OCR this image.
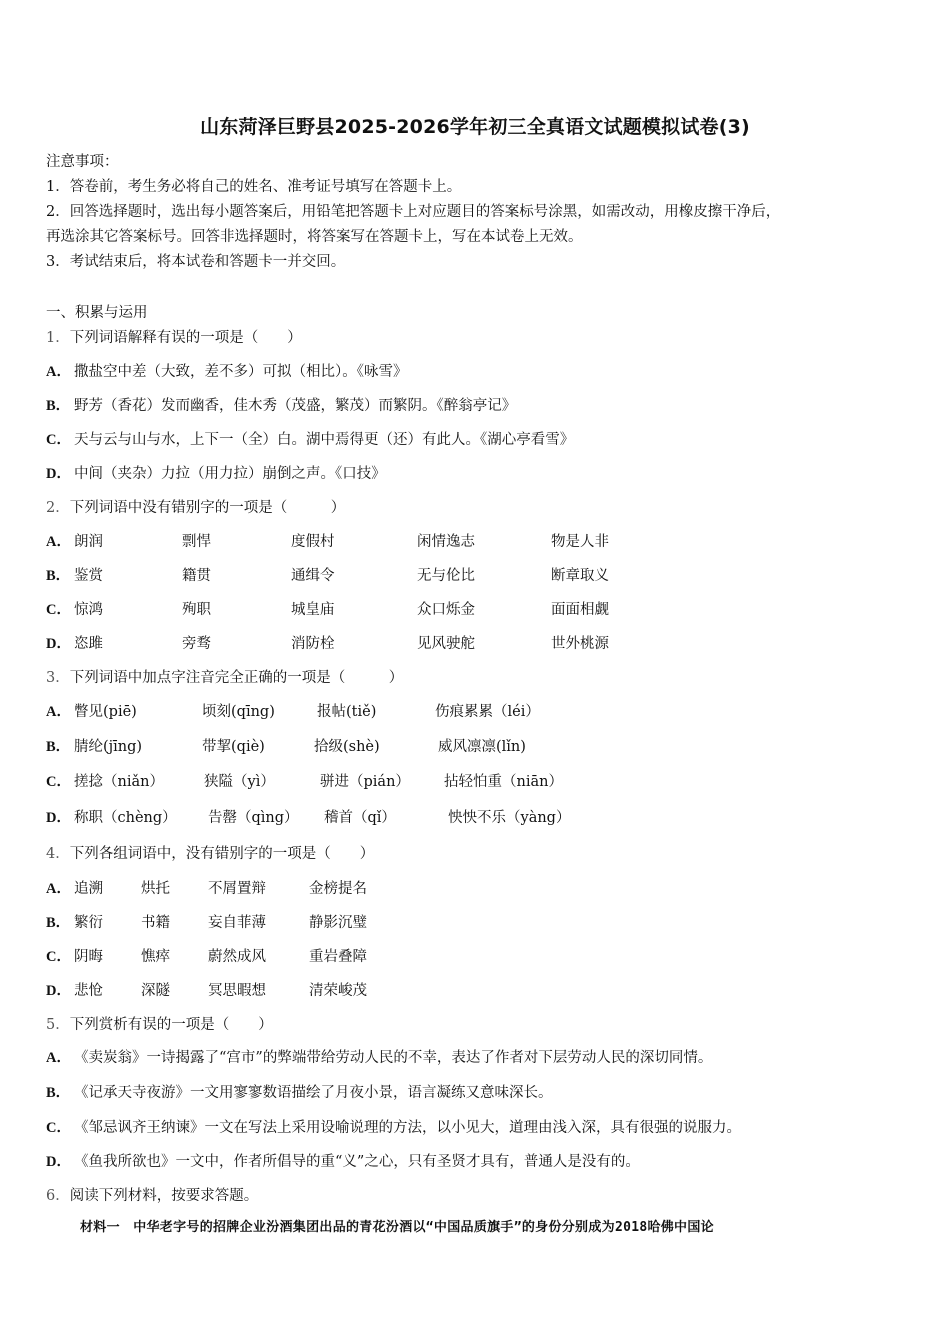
山东菏泽巨野县2025-2026学年初三全真语文试题模拟试卷(3)
注意事项：
1．答卷前，考生务必将自己的姓名、准考证号填写在答题卡上。
2．回答选择题时，选出每小题答案后，用铅笔把答题卡上对应题目的答案标号涂黑，如需改动，用橡皮擦干净后，
再选涂其它答案标号。回答非选择题时，将答案写在答题卡上，写在本试卷上无效。
3．考试结束后，将本试卷和答题卡一并交回。
一、积累与运用
1．下列词语解释有误的一项是（　　）
A． 撒盐空中差（大致，差不多）可拟（相比）。《咏雪》
B． 野芳（香花）发而幽香，佳木秀（茂盛，繁茂）而繁阴。《醉翁亭记》
C． 天与云与山与水，上下一（全）白。湖中焉得更（还）有此人。《湖心亭看雪》
D． 中间（夹杂）力拉（用力拉）崩倒之声。《口技》
2．下列词语中没有错别字的一项是（　　　）
A． 朗润	剽悍	度假村	闲情逸志	物是人非
B． 鉴赏	籍贯	通缉令	无与伦比	断章取义
C． 惊鸿	殉职	城皇庙	众口烁金	面面相觑
D． 恣雎	旁骛	消防栓	见风驶舵	世外桃源
3．下列词语中加点字注音完全正确的一项是（　　　）
A． 瞥见(piē)	顷刻(qīng)	报帖(tiě)	伤痕累累（léi）
B． 腈纶(jīng)	带挈(qiè)	拾级(shè)	威风凛凛(lǐn)
C． 搓捻（niǎn）	狭隘（yì）	骈进（pián） 拈轻怕重（niān）
D． 称职（chèng） 告罄（qìng） 稽首（qǐ）	怏怏不乐（yàng）
4．下列各组词语中，没有错别字的一项是（　　）
A． 追溯	烘托	不屑置辩	金榜提名
B． 繁衍	书籍	妄自菲薄	静影沉璧
C． 阴晦	憔瘁	蔚然成风	重岩叠障
D． 悲怆	深隧	冥思暇想	清荣峻茂
5．下列赏析有误的一项是（　　）
A． 《卖炭翁》一诗揭露了“宫市”的弊端带给劳动人民的不幸，表达了作者对下层劳动人民的深切同情。
B． 《记承天寺夜游》一文用寥寥数语描绘了月夜小景，语言凝练又意味深长。
C． 《邹忌讽齐王纳谏》一文在写法上采用设喻说理的方法，以小见大，道理由浅入深，具有很强的说服力。
D． 《鱼我所欲也》一文中，作者所倡导的重“义”之心，只有圣贤才具有，普通人是没有的。
6．阅读下列材料，按要求答题。
材料一　中华老字号的招牌企业汾酒集团出品的青花汾酒以“中国品质旗手”的身份分别成为2018哈佛中国论
